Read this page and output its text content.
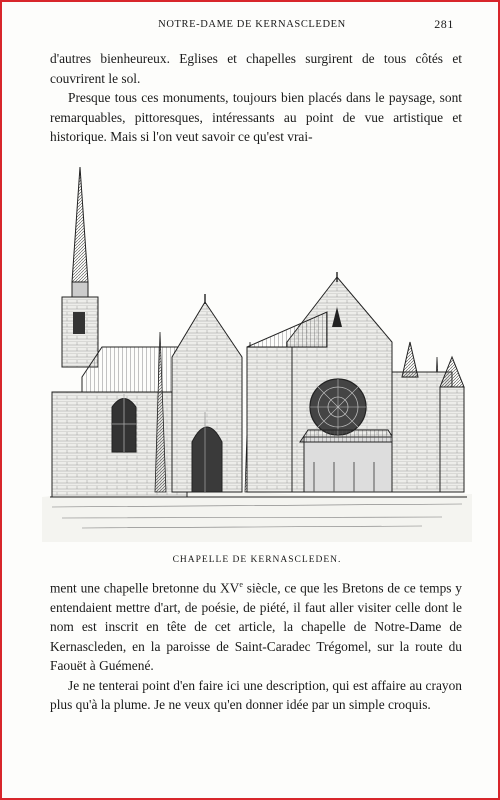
NOTRE-DAME DE KERNASCLEDEN	281

d'autres bienheureux. Eglises et chapelles surgirent de tous côtés et couvrirent le sol.

Presque tous ces monuments, toujours bien placés dans le paysage, sont remarquables, pittoresques, intéressants au point de vue artistique et historique. Mais si l'on veut savoir ce qu'est vrai-

CHAPELLE DE KERNASCLEDEN.

ment une chapelle bretonne du XVe siècle, ce que les Bretons de ce temps y entendaient mettre d'art, de poésie, de piété, il faut aller visiter celle dont le nom est inscrit en tête de cet article, la chapelle de Notre-Dame de Kernascleden, en la paroisse de Saint-Caradec Trégomel, sur la route du Faouët à Guémené.

Je ne tenterai point d'en faire ici une description, qui est affaire au crayon plus qu'à la plume. Je ne veux qu'en donner idée par un simple croquis.
